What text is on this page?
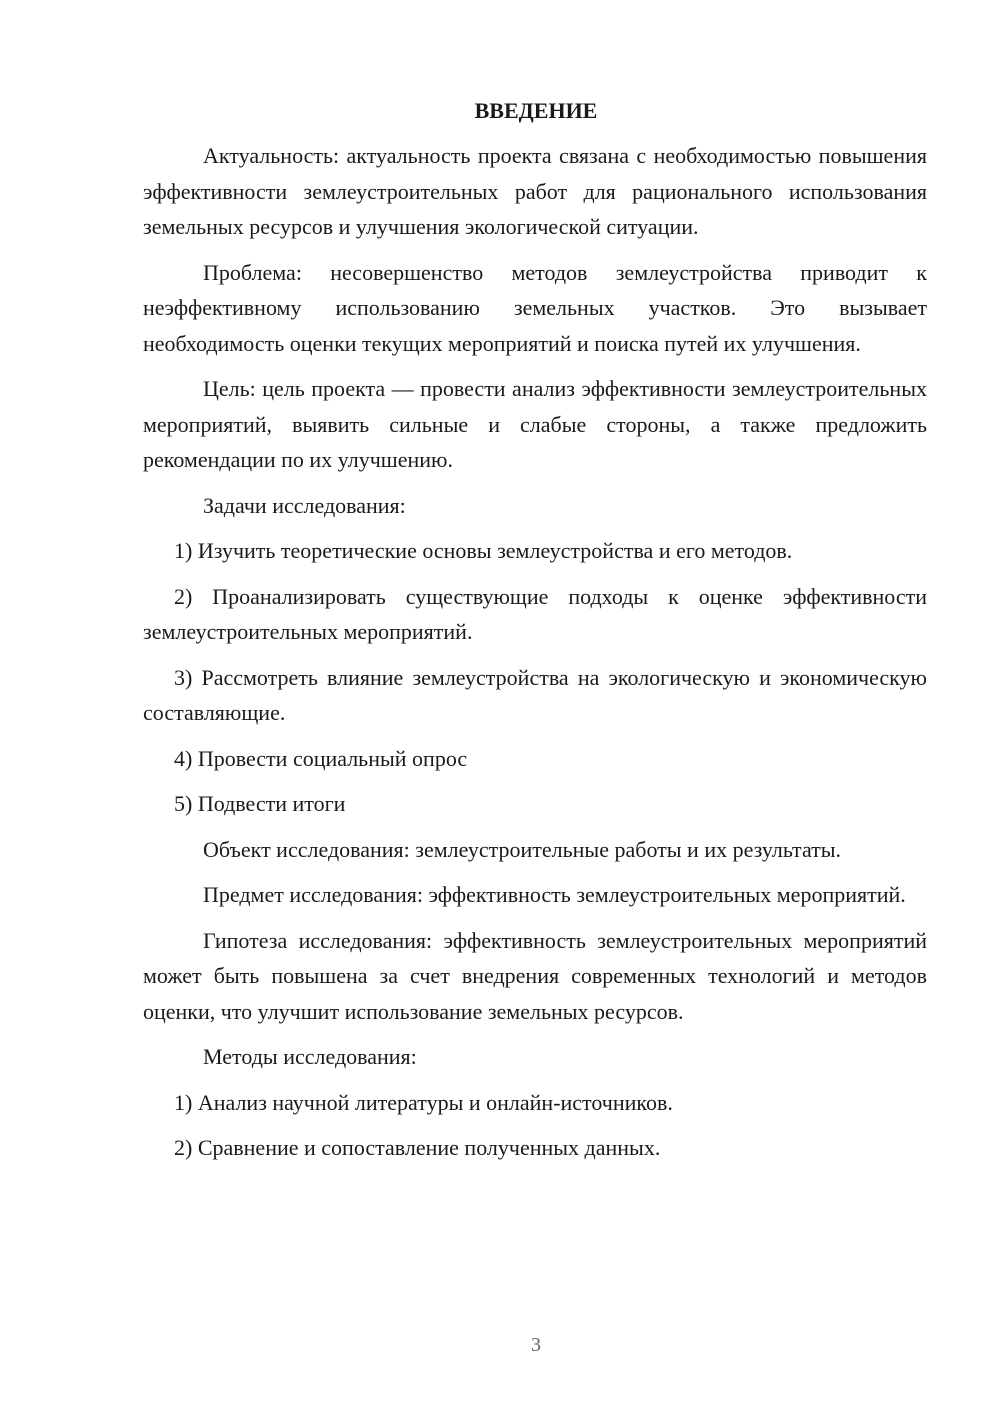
ВВЕДЕНИЕ

Актуальность: актуальность проекта связана с необходимостью повышения эффективности землеустроительных работ для рационального использования земельных ресурсов и улучшения экологической ситуации.

Проблема: несовершенство методов землеустройства приводит к неэффективному использованию земельных участков. Это вызывает необходимость оценки текущих мероприятий и поиска путей их улучшения.

Цель: цель проекта — провести анализ эффективности землеустроительных мероприятий, выявить сильные и слабые стороны, а также предложить рекомендации по их улучшению.

Задачи исследования:

1) Изучить теоретические основы землеустройства и его методов.

2) Проанализировать существующие подходы к оценке эффективности землеустроительных мероприятий.

3) Рассмотреть влияние землеустройства на экологическую и экономическую составляющие.

4) Провести социальный опрос

5) Подвести итоги

Объект исследования: землеустроительные работы и их результаты.

Предмет исследования: эффективность землеустроительных мероприятий.

Гипотеза исследования: эффективность землеустроительных мероприятий может быть повышена за счет внедрения современных технологий и методов оценки, что улучшит использование земельных ресурсов.

Методы исследования:

1) Анализ научной литературы и онлайн-источников.

2) Сравнение и сопоставление полученных данных.

3
